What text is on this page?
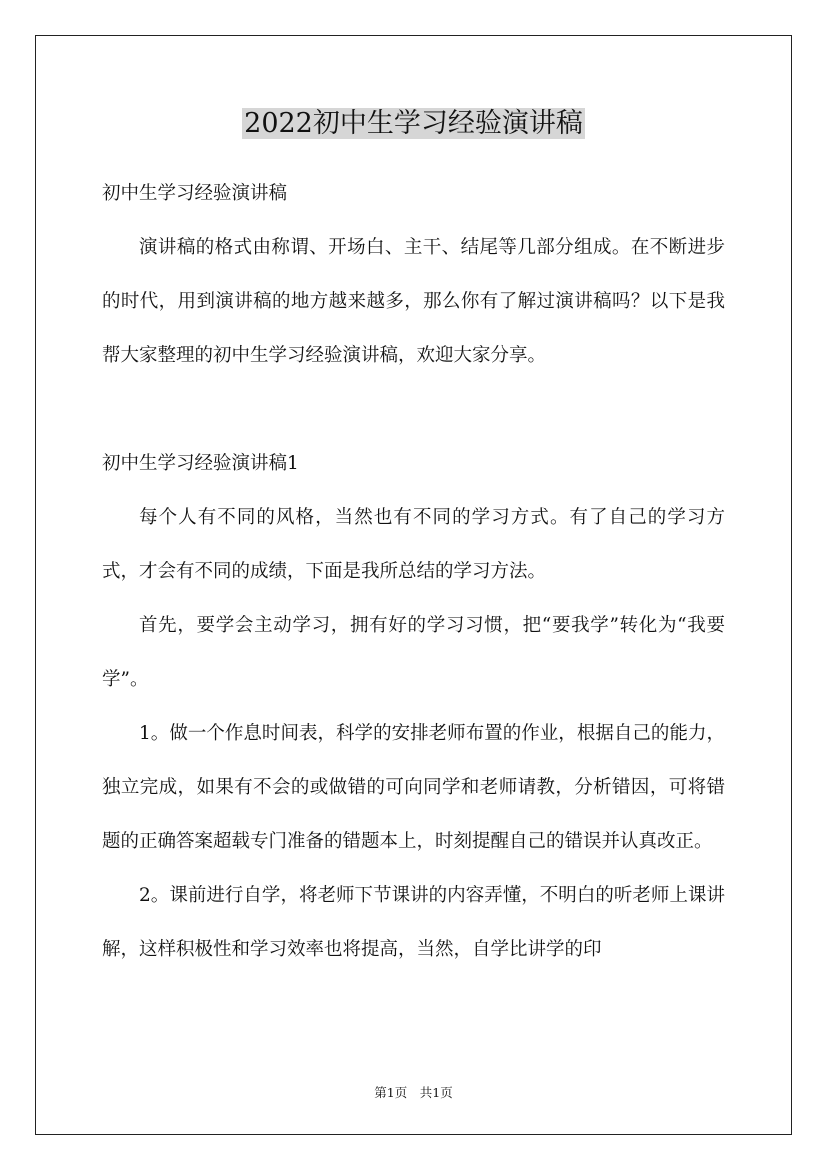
2022初中生学习经验演讲稿
初中生学习经验演讲稿

演讲稿的格式由称谓、开场白、主干、结尾等几部分组成。在不断进步的时代，用到演讲稿的地方越来越多，那么你有了解过演讲稿吗？以下是我帮大家整理的初中生学习经验演讲稿，欢迎大家分享。

初中生学习经验演讲稿1

每个人有不同的风格，当然也有不同的学习方式。有了自己的学习方式，才会有不同的成绩，下面是我所总结的学习方法。

首先，要学会主动学习，拥有好的学习习惯，把“要我学”转化为“我要学”。

1。做一个作息时间表，科学的安排老师布置的作业，根据自己的能力，独立完成，如果有不会的或做错的可向同学和老师请教，分析错因，可将错题的正确答案超载专门准备的错题本上，时刻提醒自己的错误并认真改正。

2。课前进行自学，将老师下节课讲的内容弄懂，不明白的听老师上课讲解，这样积极性和学习效率也将提高，当然，自学比讲学的印

第1页　共1页
